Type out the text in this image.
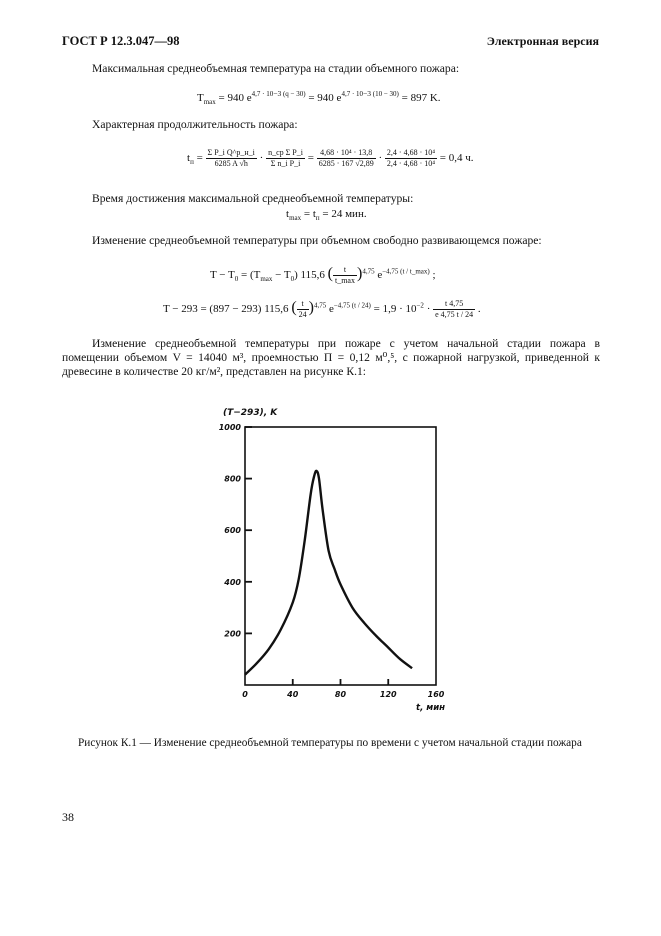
ГОСТ Р 12.3.047—98	Электронная версия
Максимальная среднеобъемная температура на стадии объемного пожара:
$T_{max} = 940$ $e^{4,7 \cdot 10-3 (q - 30)} = 940$ $e^{4,7 \cdot 10-3 (10 - 30)} = 897$ K.
Характерная продолжительность пожара:
$t_п = \frac{\text{Σ P\_i Q\textasciicircum{}p\_н\_i}}{6285 A √h} \cdot \frac{\text{n\_ср Σ P\_i}}{\text{Σ n\_i P\_i}} = \frac{\text{4,68 · 10⁴ · 13,8}}{6285 \cdot 167 √2,89} \cdot \frac{\text{2,4 · 4,68 · 10⁴}}{\text{2,4 · 4,68 · 10⁴}} = 0,4$ ч.
Время достижения максимальной среднеобъемной температуры:
$t_{max} = t_п = 24$ мин.
Изменение среднеобъемной температуры при объемном свободно развивающемся пожаре:
$T - T_0 = (T_{max} - T_0)$ 115,6 ( $\frac{t}{t\_\max} )^{4,75}$ $e^{-4,75 (t / t\_max)}$ ;
T − 293 = (897 − 293) 115,6 ( $\frac{t}{24} )^{4,75}$ $e^{-4,75 (t / 24)} = 1,9 \cdot 10^{-2} \cdot \frac{t 4,75}{e 4,75 t / 24}$ .
Изменение среднеобъемной температуры при пожаре с учетом начальной стадии пожара в помещении объемом V = 14040 м³, проемностью П = 0,12 м⁰,⁵, с пожарной нагрузкой, приведенной к древесине в количестве 20 кг/м², представлен на рисунке К.1:
200
400
600
800
1000
0	40	80	120	160
(T−293), K
t, мин
Рисунок К.1 — Изменение среднеобъемной температуры по времени с учетом начальной стадии пожара
38
